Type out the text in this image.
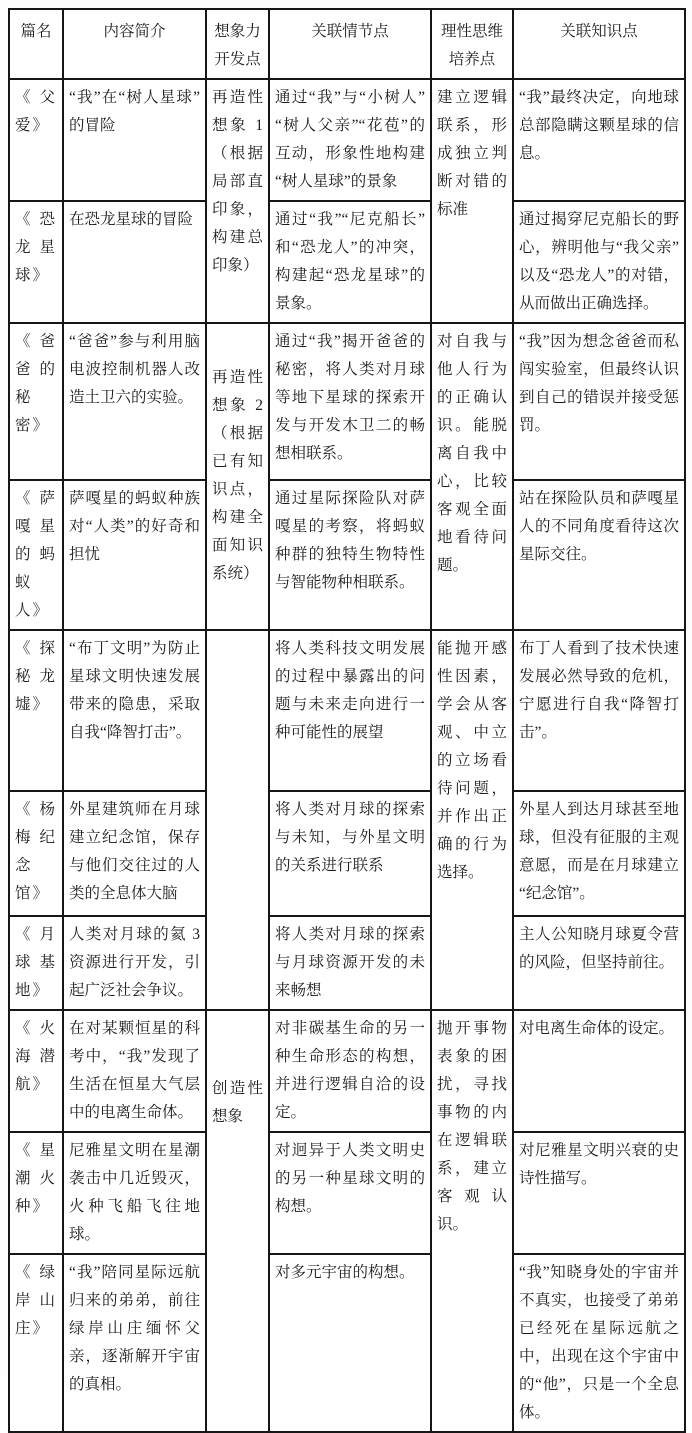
篇名	内容简介	想象力开发点	关联情节点	理性思维培养点	关联知识点
《父爱》	“我”在“树人星球”的冒险	再造性想象 1（根据局部直印象，构建总印象）	通过“我”与“小树人”“树人父亲”“花苞”的互动，形象性地构建“树人星球”的景象	建立逻辑联系，形成独立判断对错的标准	“我”最终决定，向地球总部隐瞒这颗星球的信息。
《恐龙星球》	在恐龙星球的冒险		通过“我”“尼克船长”和“恐龙人”的冲突，构建起“恐龙星球”的景象。		通过揭穿尼克船长的野心，辨明他与“我父亲”以及“恐龙人”的对错，从而做出正确选择。
《爸爸的秘密》	“爸爸”参与利用脑电波控制机器人改造土卫六的实验。	再造性想象 2（根据已有知识点，构建全面知识系统）	通过“我”揭开爸爸的秘密，将人类对月球等地下星球的探索开发与开发木卫二的畅想相联系。	对自我与他人行为的正确认识。能脱离自我中心，比较客观全面地看待问题。	“我”因为想念爸爸而私闯实验室，但最终认识到自己的错误并接受惩罚。
《萨嘎星的蚂蚁人》	萨嘎星的蚂蚁种族对“人类”的好奇和担忧		通过星际探险队对萨嘎星的考察，将蚂蚁种群的独特生物特性与智能物种相联系。		站在探险队员和萨嘎星人的不同角度看待这次星际交往。
《探秘龙墟》	“布丁文明”为防止星球文明快速发展带来的隐患，采取自我“降智打击”。		将人类科技文明发展的过程中暴露出的问题与未来走向进行一种可能性的展望	能抛开感性因素，学会从客观、中立的立场看待问题，并作出正确的行为选择。	布丁人看到了技术快速发展必然导致的危机，宁愿进行自我“降智打击”。
《杨梅纪念馆》	外星建筑师在月球建立纪念馆，保存与他们交往过的人类的全息体大脑		将人类对月球的探索与未知，与外星文明的关系进行联系		外星人到达月球甚至地球，但没有征服的主观意愿，而是在月球建立“纪念馆”。
《月球基地》	人类对月球的氦 3 资源进行开发，引起广泛社会争议。		将人类对月球的探索与月球资源开发的未来畅想		主人公知晓月球夏令营的风险，但坚持前往。
《火海潜航》	在对某颗恒星的科考中，“我”发现了生活在恒星大气层中的电离生命体。	创造性想象	对非碳基生命的另一种生命形态的构想，并进行逻辑自洽的设定。	抛开事物表象的困扰，寻找事物的内在逻辑联系，建立客观认识。	对电离生命体的设定。
《星潮火种》	尼雅星文明在星潮袭击中几近毁灭，火种飞船飞往地球。		对迥异于人类文明史的另一种星球文明的构想。		对尼雅星文明兴衰的史诗性描写。
《绿岸山庄》	“我”陪同星际远航归来的弟弟，前往绿岸山庄缅怀父亲，逐渐解开宇宙的真相。		对多元宇宙的构想。		“我”知晓身处的宇宙并不真实，也接受了弟弟已经死在星际远航之中，出现在这个宇宙中的“他”，只是一个全息体。
